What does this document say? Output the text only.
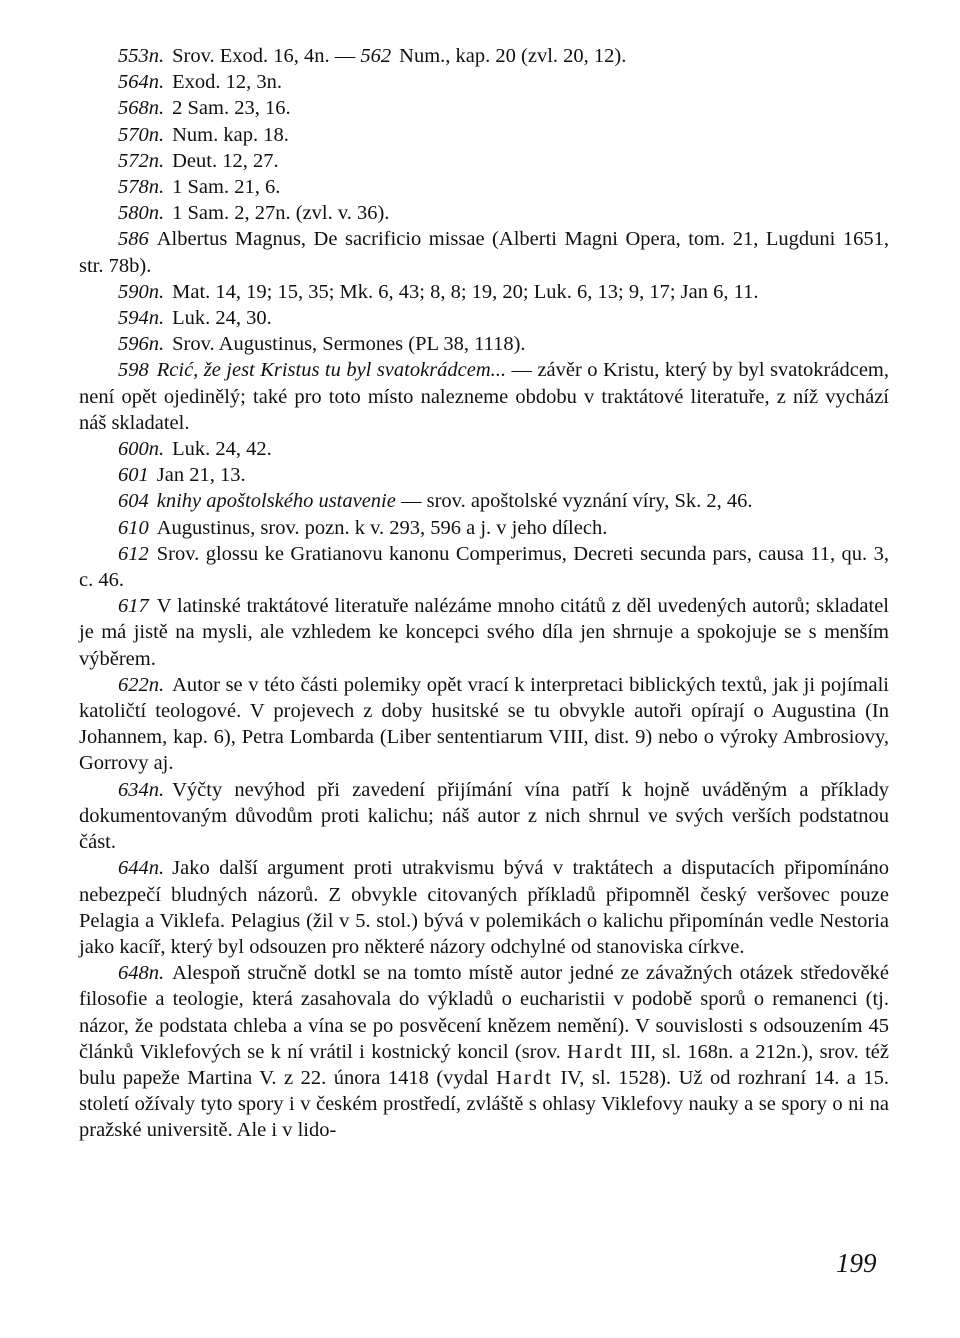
553n. Srov. Exod. 16, 4n. — 562 Num., kap. 20 (zvl. 20, 12).

564n. Exod. 12, 3n.

568n. 2 Sam. 23, 16.

570n. Num. kap. 18.

572n. Deut. 12, 27.

578n. 1 Sam. 21, 6.

580n. 1 Sam. 2, 27n. (zvl. v. 36).

586 Albertus Magnus, De sacrificio missae (Alberti Magni Opera, tom. 21, Lugduni 1651, str. 78b).

590n. Mat. 14, 19; 15, 35; Mk. 6, 43; 8, 8; 19, 20; Luk. 6, 13; 9, 17; Jan 6, 11.

594n. Luk. 24, 30.

596n. Srov. Augustinus, Sermones (PL 38, 1118).

598 Rcić, že jest Kristus tu byl svatokrádcem... — závěr o Kristu, který by byl svatokrádcem, není opět ojedinělý; také pro toto místo nalezneme obdobu v traktátové literatuře, z níž vychází náš skladatel.

600n. Luk. 24, 42.

601 Jan 21, 13.

604 knihy apoštolského ustavenie — srov. apoštolské vyznání víry, Sk. 2, 46.

610 Augustinus, srov. pozn. k v. 293, 596 a j. v jeho dílech.

612 Srov. glossu ke Gratianovu kanonu Comperimus, Decreti secunda pars, causa 11, qu. 3, c. 46.

617 V latinské traktátové literatuře nalézáme mnoho citátů z děl uvedených autorů; skladatel je má jistě na mysli, ale vzhledem ke koncepci svého díla jen shrnuje a spokojuje se s menším výběrem.

622n. Autor se v této části polemiky opět vrací k interpretaci biblických textů, jak ji pojímali katoličtí teologové. V projevech z doby husitské se tu obvykle autoři opírají o Augustina (In Johannem, kap. 6), Petra Lombarda (Liber sententiarum VIII, dist. 9) nebo o výroky Ambrosiovy, Gorrovy aj.

634n. Výčty nevýhod při zavedení přijímání vína patří k hojně uváděným a příklady dokumentovaným důvodům proti kalichu; náš autor z nich shrnul ve svých verších podstatnou část.

644n. Jako další argument proti utrakvismu bývá v traktátech a disputacích připomínáno nebezpečí bludných názorů. Z obvykle citovaných příkladů připomněl český veršovec pouze Pelagia a Viklefa. Pelagius (žil v 5. stol.) bývá v polemikách o kalichu připomínán vedle Nestoria jako kacíř, který byl odsouzen pro některé názory odchylné od stanoviska církve.

648n. Alespoň stručně dotkl se na tomto místě autor jedné ze závažných otázek středověké filosofie a teologie, která zasahovala do výkladů o eucharistii v podobě sporů o remanenci (tj. názor, že podstata chleba a vína se po posvěcení knězem nemění). V souvislosti s odsouzením 45 článků Viklefových se k ní vrátil i kostnický koncil (srov. Hardt III, sl. 168n. a 212n.), srov. též bulu papeže Martina V. z 22. února 1418 (vydal Hardt IV, sl. 1528). Už od rozhraní 14. a 15. století ožívaly tyto spory i v českém prostředí, zvláště s ohlasy Viklefovy nauky a se spory o ni na pražské universitě. Ale i v lido-

199
